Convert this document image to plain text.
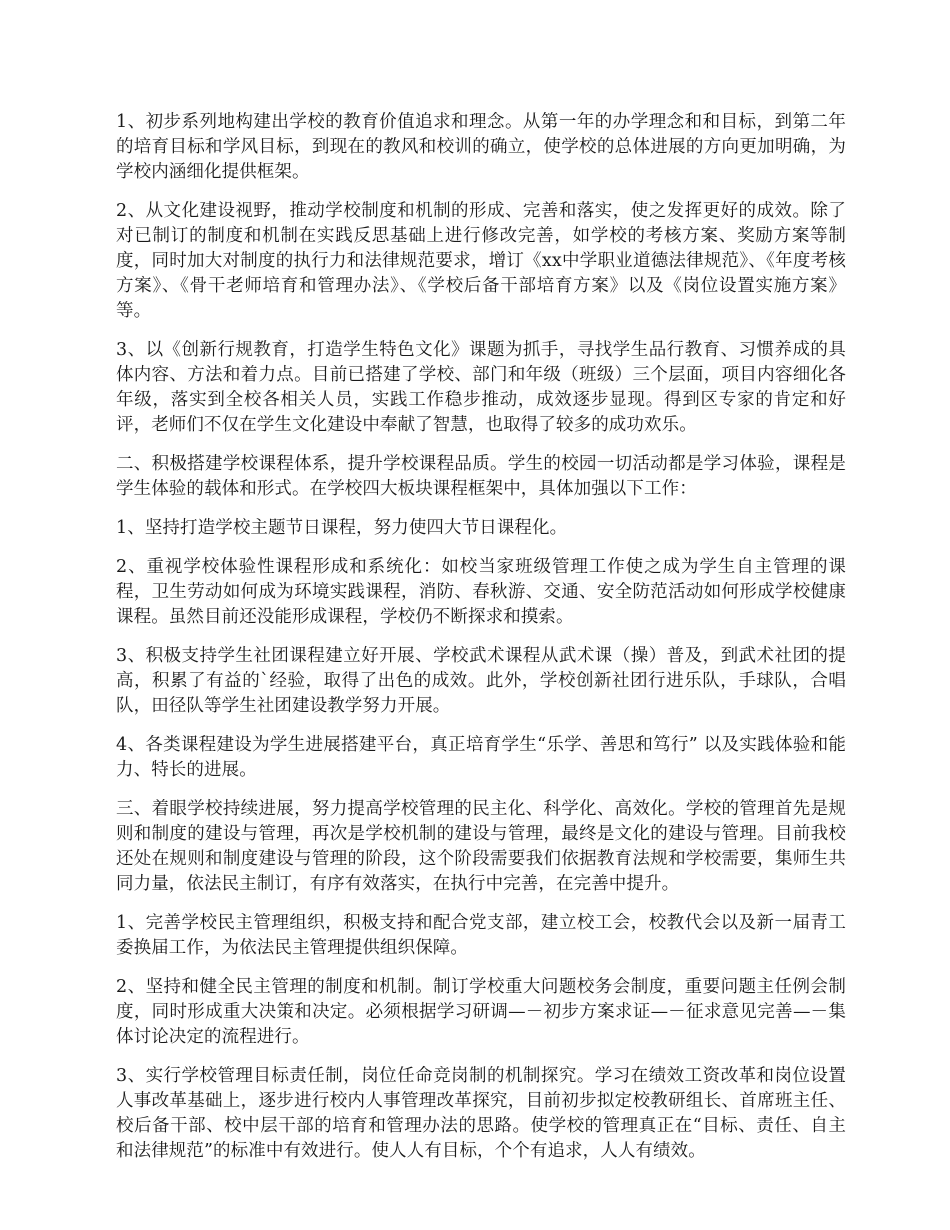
1、初步系列地构建出学校的教育价值追求和理念。从第一年的办学理念和和目标，到第二年的培育目标和学风目标，到现在的教风和校训的确立，使学校的总体进展的方向更加明确，为学校内涵细化提供框架。

2、从文化建设视野，推动学校制度和机制的形成、完善和落实，使之发挥更好的成效。除了对已制订的制度和机制在实践反思基础上进行修改完善，如学校的考核方案、奖励方案等制度，同时加大对制度的执行力和法律规范要求，增订《xx中学职业道德法律规范》、《年度考核方案》、《骨干老师培育和管理办法》、《学校后备干部培育方案》以及《岗位设置实施方案》等。

3、以《创新行规教育，打造学生特色文化》课题为抓手，寻找学生品行教育、习惯养成的具体内容、方法和着力点。目前已搭建了学校、部门和年级（班级）三个层面，项目内容细化各年级，落实到全校各相关人员，实践工作稳步推动，成效逐步显现。得到区专家的肯定和好评，老师们不仅在学生文化建设中奉献了智慧，也取得了较多的成功欢乐。

二、积极搭建学校课程体系，提升学校课程品质。学生的校园一切活动都是学习体验，课程是学生体验的载体和形式。在学校四大板块课程框架中，具体加强以下工作：

1、坚持打造学校主题节日课程，努力使四大节日课程化。

2、重视学校体验性课程形成和系统化：如校当家班级管理工作使之成为学生自主管理的课程，卫生劳动如何成为环境实践课程，消防、春秋游、交通、安全防范活动如何形成学校健康课程。虽然目前还没能形成课程，学校仍不断探求和摸索。

3、积极支持学生社团课程建立好开展、学校武术课程从武术课（操）普及，到武术社团的提高，积累了有益的`经验，取得了出色的成效。此外，学校创新社团行进乐队，手球队，合唱队，田径队等学生社团建设教学努力开展。

4、各类课程建设为学生进展搭建平台，真正培育学生“乐学、善思和笃行” 以及实践体验和能力、特长的进展。

三、着眼学校持续进展，努力提高学校管理的民主化、科学化、高效化。学校的管理首先是规则和制度的建设与管理，再次是学校机制的建设与管理，最终是文化的建设与管理。目前我校还处在规则和制度建设与管理的阶段，这个阶段需要我们依据教育法规和学校需要，集师生共同力量，依法民主制订，有序有效落实，在执行中完善，在完善中提升。

1、完善学校民主管理组织，积极支持和配合党支部，建立校工会，校教代会以及新一届青工委换届工作，为依法民主管理提供组织保障。

2、坚持和健全民主管理的制度和机制。制订学校重大问题校务会制度，重要问题主任例会制度，同时形成重大决策和决定。必须根据学习研调—－初步方案求证—－征求意见完善—－集体讨论决定的流程进行。

3、实行学校管理目标责任制，岗位任命竞岗制的机制探究。学习在绩效工资改革和岗位设置人事改革基础上，逐步进行校内人事管理改革探究，目前初步拟定校教研组长、首席班主任、校后备干部、校中层干部的培育和管理办法的思路。使学校的管理真正在“目标、责任、自主和法律规范”的标准中有效进行。使人人有目标，个个有追求，人人有绩效。
